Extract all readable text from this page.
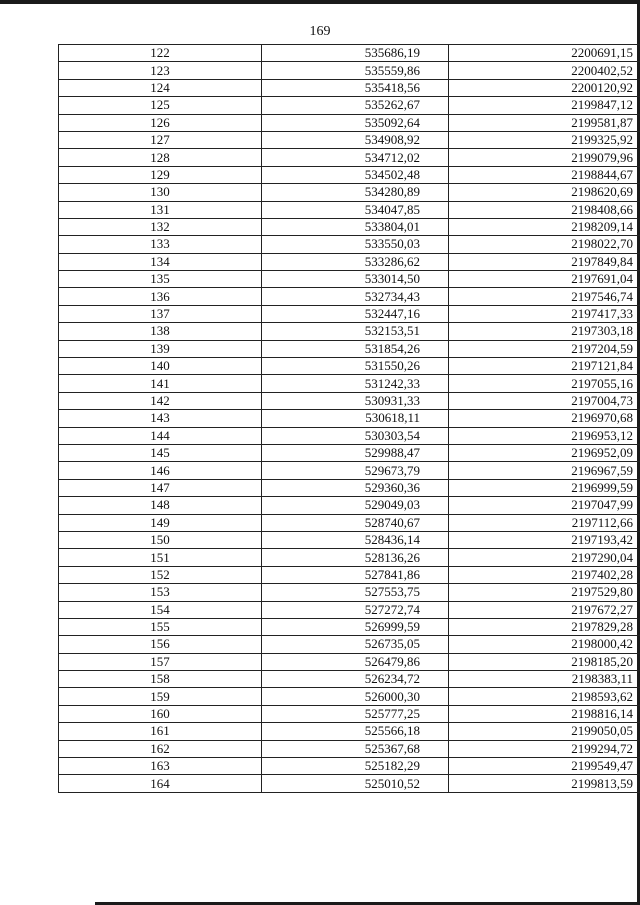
169
122	535686,19	2200691,15
123	535559,86	2200402,52
124	535418,56	2200120,92
125	535262,67	2199847,12
126	535092,64	2199581,87
127	534908,92	2199325,92
128	534712,02	2199079,96
129	534502,48	2198844,67
130	534280,89	2198620,69
131	534047,85	2198408,66
132	533804,01	2198209,14
133	533550,03	2198022,70
134	533286,62	2197849,84
135	533014,50	2197691,04
136	532734,43	2197546,74
137	532447,16	2197417,33
138	532153,51	2197303,18
139	531854,26	2197204,59
140	531550,26	2197121,84
141	531242,33	2197055,16
142	530931,33	2197004,73
143	530618,11	2196970,68
144	530303,54	2196953,12
145	529988,47	2196952,09
146	529673,79	2196967,59
147	529360,36	2196999,59
148	529049,03	2197047,99
149	528740,67	2197112,66
150	528436,14	2197193,42
151	528136,26	2197290,04
152	527841,86	2197402,28
153	527553,75	2197529,80
154	527272,74	2197672,27
155	526999,59	2197829,28
156	526735,05	2198000,42
157	526479,86	2198185,20
158	526234,72	2198383,11
159	526000,30	2198593,62
160	525777,25	2198816,14
161	525566,18	2199050,05
162	525367,68	2199294,72
163	525182,29	2199549,47
164	525010,52	2199813,59
